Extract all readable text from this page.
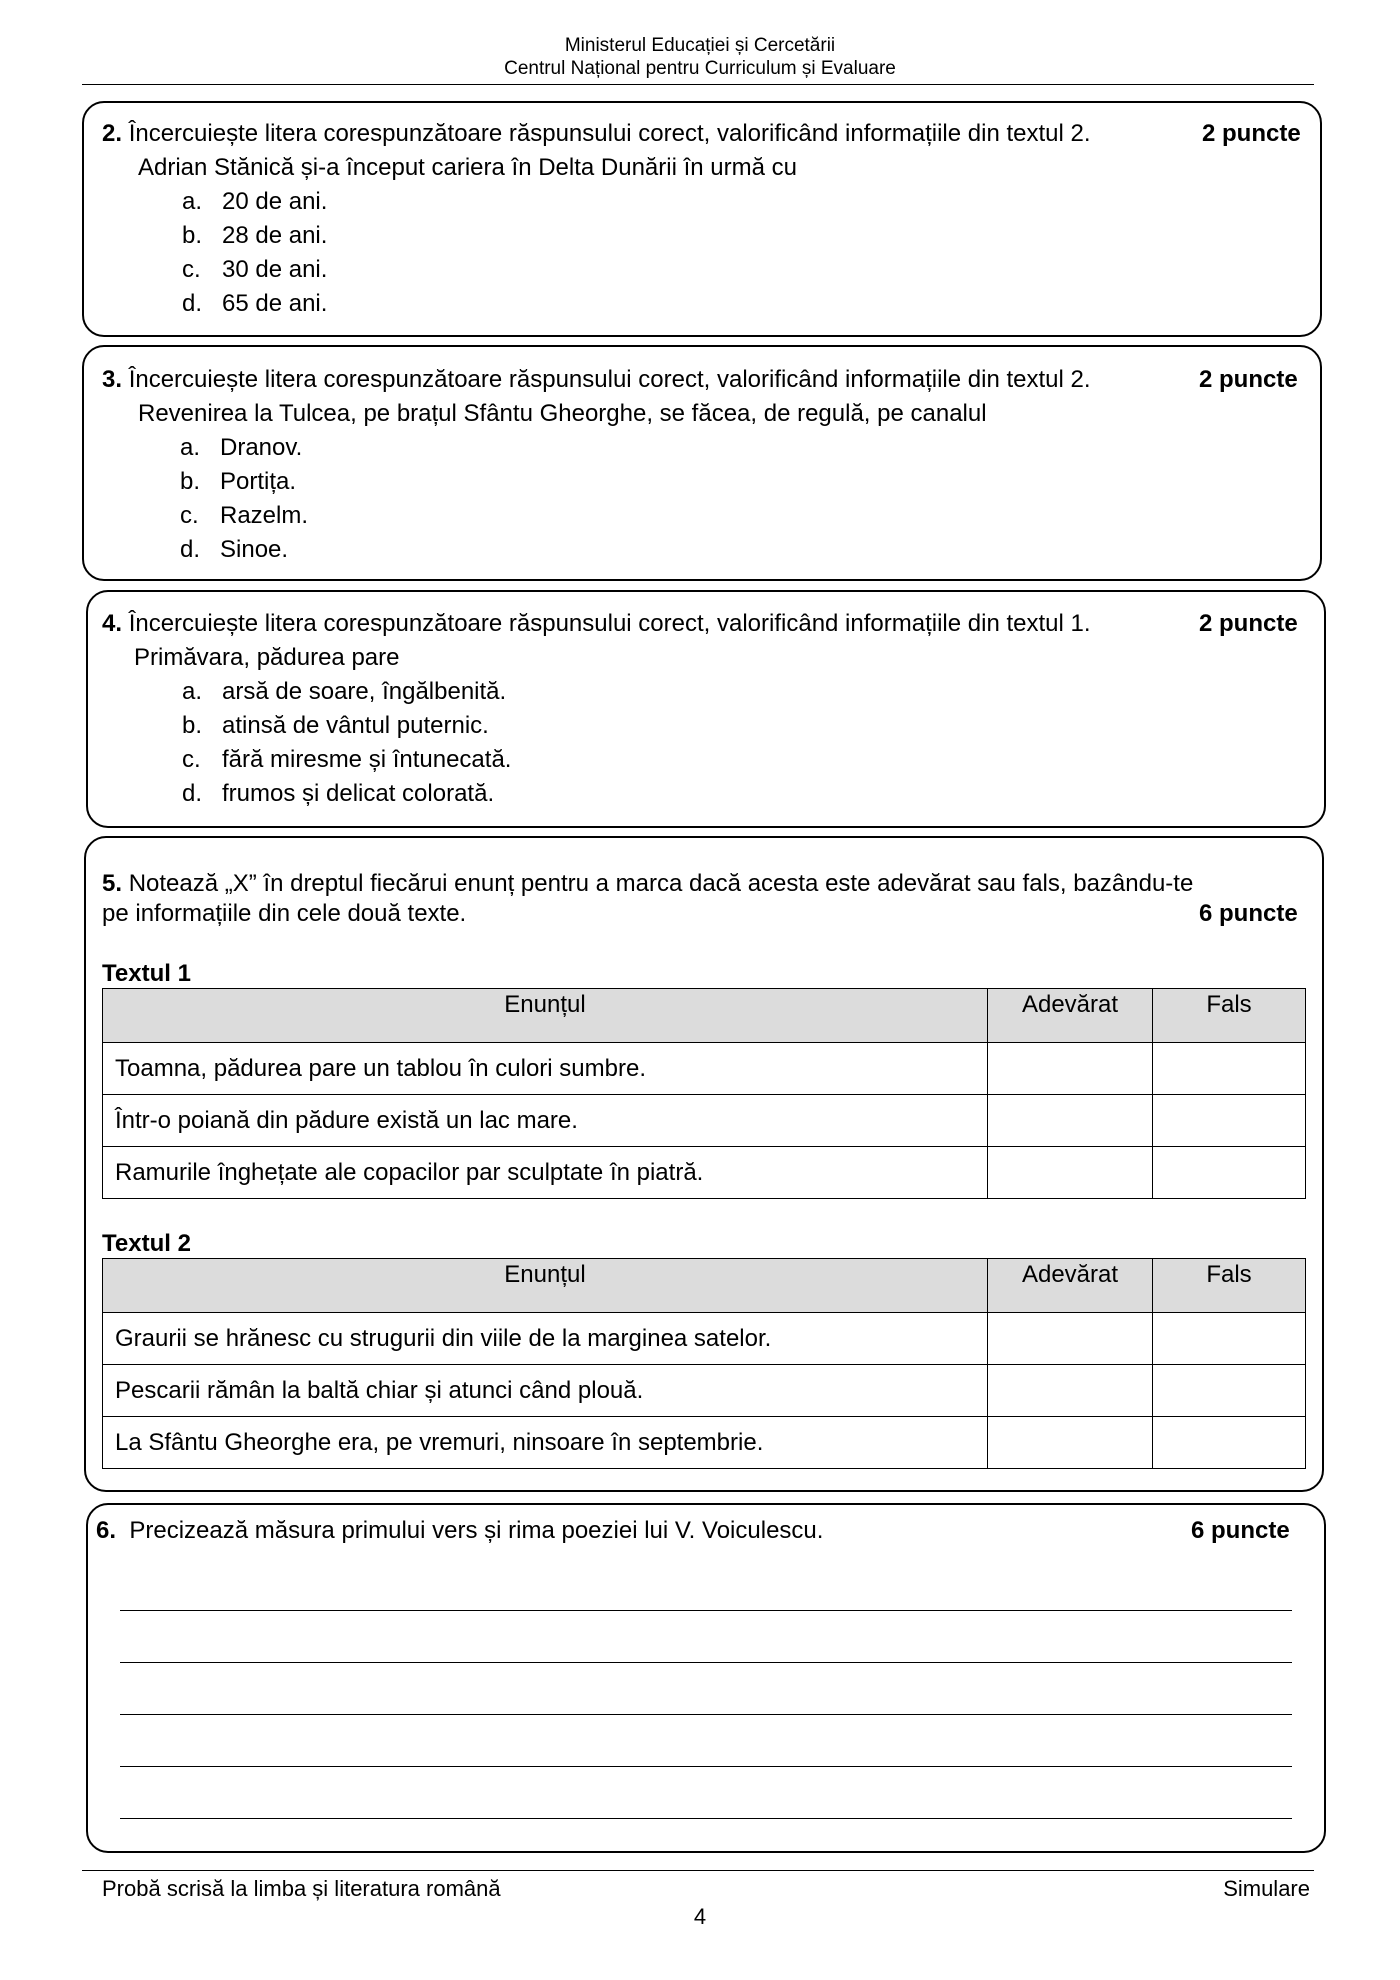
Ministerul Educației și Cercetării
Centrul Național pentru Curriculum și Evaluare
2. Încercuiește litera corespunzătoare răspunsului corect, valorificând informațiile din textul 2.	2 puncte
Adrian Stănică și-a început cariera în Delta Dunării în urmă cu
a. 20 de ani.
b. 28 de ani.
c. 30 de ani.
d. 65 de ani.
3. Încercuiește litera corespunzătoare răspunsului corect, valorificând informațiile din textul 2.	2 puncte
Revenirea la Tulcea, pe brațul Sfântu Gheorghe, se făcea, de regulă, pe canalul
a. Dranov.
b. Portița.
c. Razelm.
d. Sinoe.
4. Încercuiește litera corespunzătoare răspunsului corect, valorificând informațiile din textul 1.	2 puncte
Primăvara, pădurea pare
a. arsă de soare, îngălbenită.
b. atinsă de vântul puternic.
c. fără miresme și întunecată.
d. frumos și delicat colorată.
5. Notează „X” în dreptul fiecărui enunț pentru a marca dacă acesta este adevărat sau fals, bazându-te
pe informațiile din cele două texte.	6 puncte
Textul 1
Enunțul	Adevărat	Fals
Toamna, pădurea pare un tablou în culori sumbre.		
Într-o poiană din pădure există un lac mare.		
Ramurile înghețate ale copacilor par sculptate în piatră.		
Textul 2
Enunțul	Adevărat	Fals
Graurii se hrănesc cu strugurii din viile de la marginea satelor.		
Pescarii rămân la baltă chiar și atunci când plouă.		
La Sfântu Gheorghe era, pe vremuri, ninsoare în septembrie.		
6. Precizează măsura primului vers și rima poeziei lui V. Voiculescu.	6 puncte
Probă scrisă la limba și literatura română	Simulare
4
